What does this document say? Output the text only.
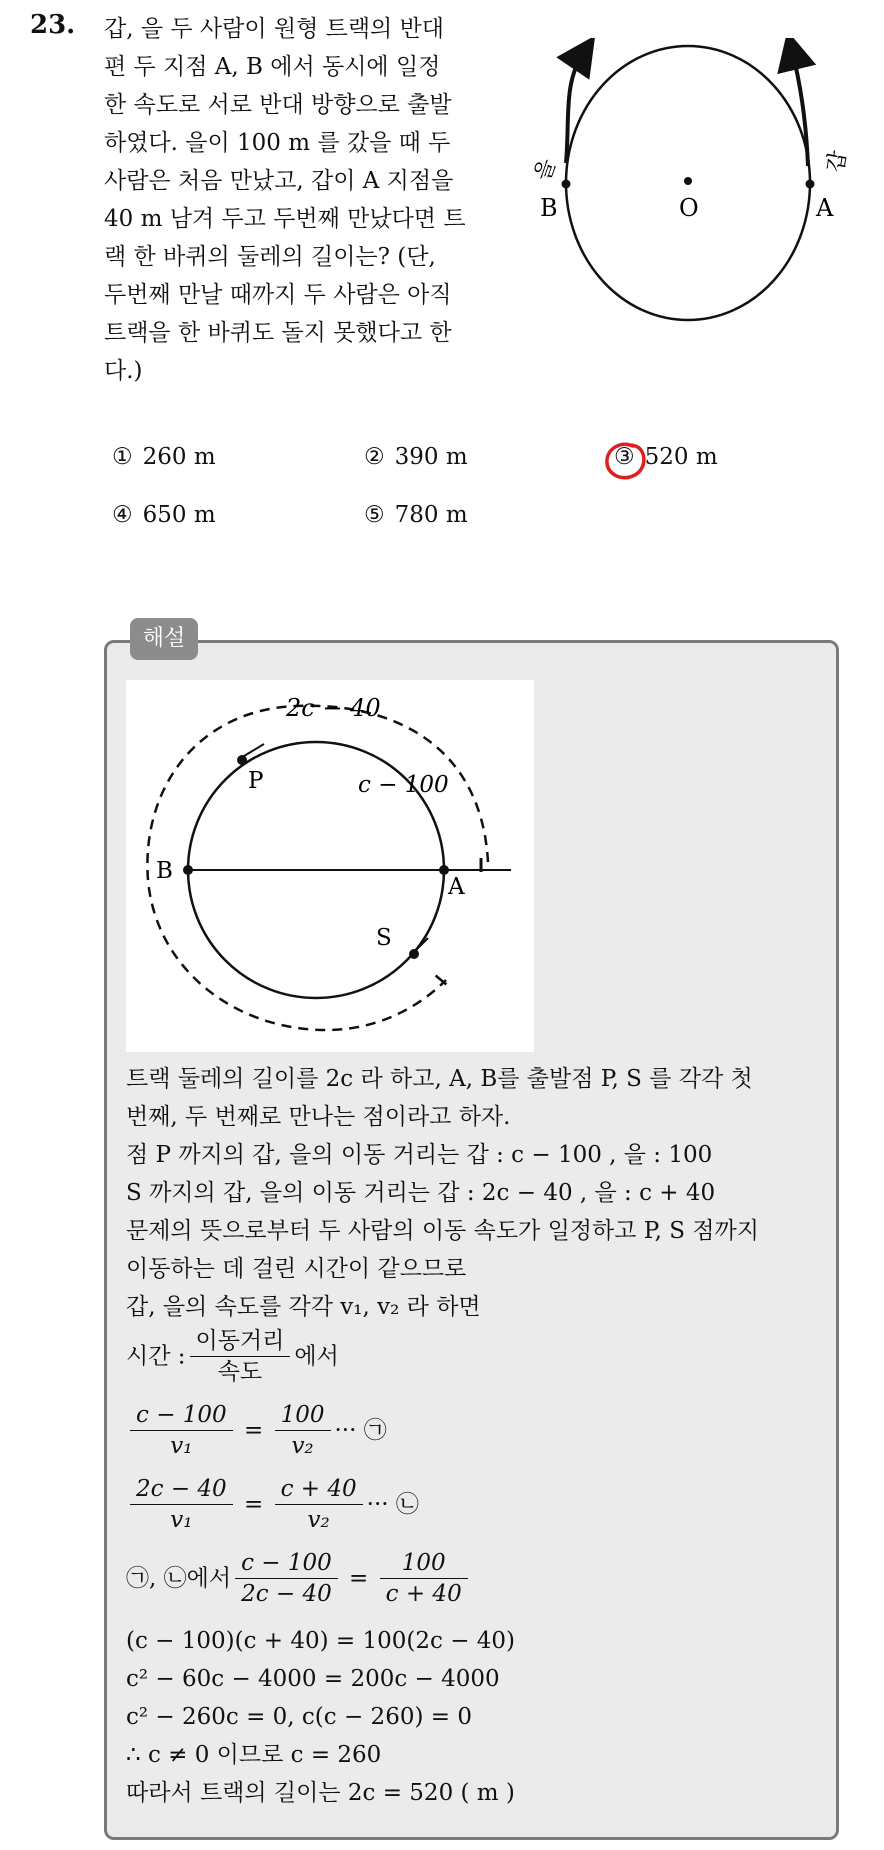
23. 갑, 을 두 사람이 원형 트랙의 반대
편 두 지점 A, B 에서 동시에 일정
한 속도로 서로 반대 방향으로 출발
하였다. 을이 100 m 를 갔을 때 두
사람은 처음 만났고, 갑이 A 지점을
40 m 남겨 두고 두번째 만났다면 트
랙 한 바퀴의 둘레의 길이는? (단,
두번째 만날 때까지 두 사람은 아직
트랙을 한 바퀴도 돌지 못했다고 한
다.)
을	갑
B	A
O
① 260 m	② 390 m	③ 520 m
④ 650 m	⑤ 780 m
해설
2c − 40
c − 100
P
S
B
A
트랙 둘레의 길이를 2c 라 하고, A, B를 출발점 P, S 를 각각 첫
번째, 두 번째로 만나는 점이라고 하자.
점 P 까지의 갑, 을의 이동 거리는 갑 : c − 100 , 을 : 100
S 까지의 갑, 을의 이동 거리는 갑 : 2c − 40 , 을 : c + 40
문제의 뜻으로부터 두 사람의 이동 속도가 일정하고 P, S 점까지
이동하는 데 걸린 시간이 같으므로
갑, 을의 속도를 각각 v₁, v₂ 라 하면
시간 : $\frac{\text{이동거리}}{\text{속도}}$ 에서
$\frac{c - 100}{\text{v₁}} = \frac{100}{\text{v₂}}$ ··· ㉠
$\frac{2c - 40}{\text{v₁}} = \frac{c + 40}{\text{v₂}}$ ··· ㉡
㉠, ㉡에서 $\frac{c - 100}{2c - 40} = \frac{100}{c + 40}$
(c − 100)(c + 40) = 100(2c − 40)
c² − 60c − 4000 = 200c − 4000
c² − 260c = 0, c(c − 260) = 0
∴ c ≠ 0 이므로 c = 260
따라서 트랙의 길이는 2c = 520 ( m )
